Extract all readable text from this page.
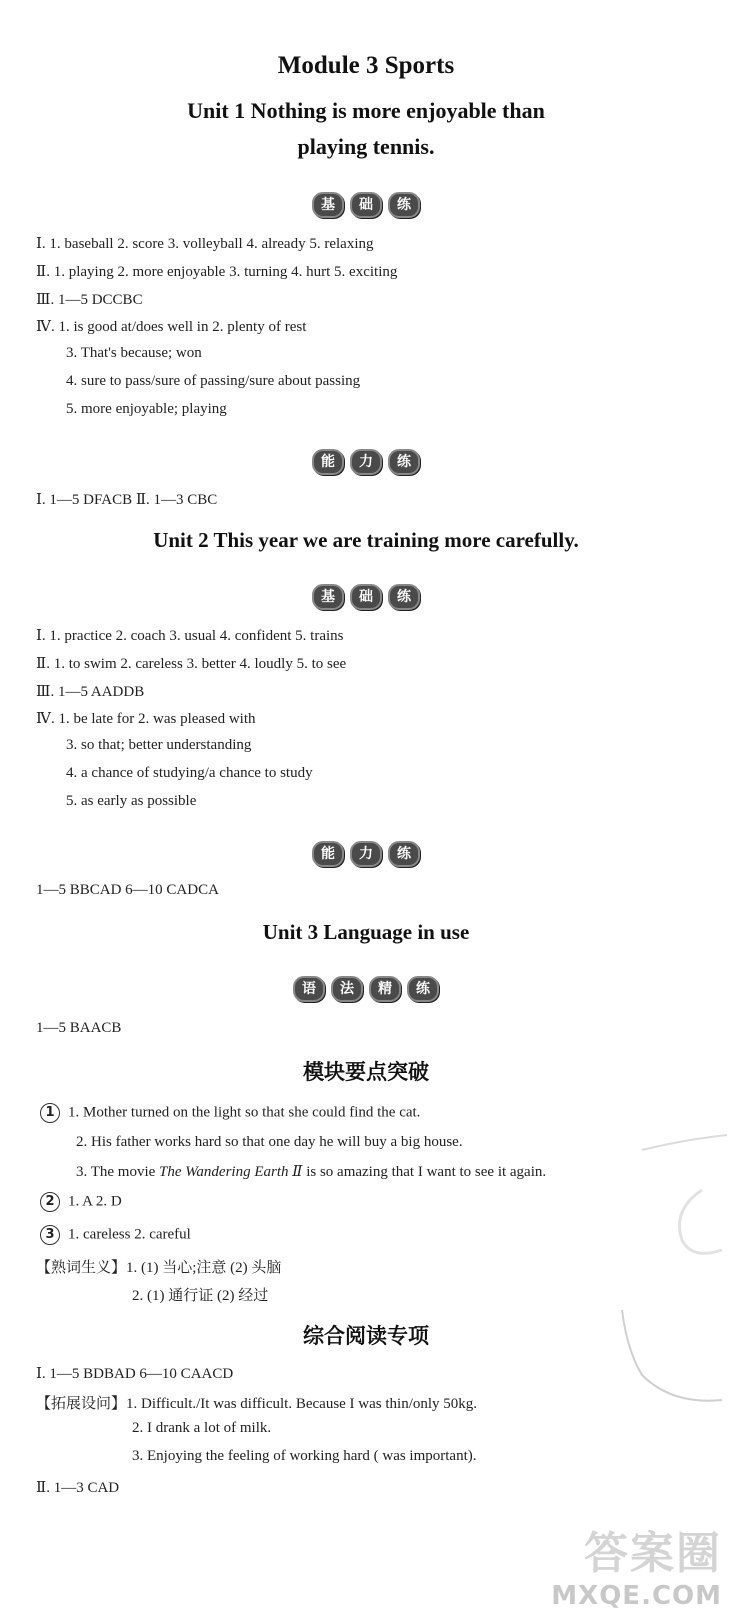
Module 3 Sports
Unit 1 Nothing is more enjoyable than
playing tennis.
基	础	练
Ⅰ. 1. baseball 2. score 3. volleyball 4. already 5. relaxing
Ⅱ. 1. playing 2. more enjoyable 3. turning 4. hurt 5. exciting
Ⅲ. 1—5 DCCBC
Ⅳ. 1. is good at/does well in 2. plenty of rest
3. That's because; won
4. sure to pass/sure of passing/sure about passing
5. more enjoyable; playing
能	力	练
Ⅰ. 1—5 DFACB Ⅱ. 1—3 CBC
Unit 2 This year we are training more carefully.
基	础	练
Ⅰ. 1. practice 2. coach 3. usual 4. confident 5. trains
Ⅱ. 1. to swim 2. careless 3. better 4. loudly 5. to see
Ⅲ. 1—5 AADDB
Ⅳ. 1. be late for 2. was pleased with
3. so that; better understanding
4. a chance of studying/a chance to study
5. as early as possible
能	力	练
1—5 BBCAD 6—10 CADCA
Unit 3 Language in use
语	法	精	练
1—5 BAACB
模块要点突破
1 1. Mother turned on the light so that she could find the cat.
2. His father works hard so that one day he will buy a big house.
3. The movie The Wandering Earth Ⅱ is so amazing that I want to see it again.
2 1. A 2. D
3 1. careless 2. careful
【熟词生义】1. (1) 当心;注意 (2) 头脑
2. (1) 通行证 (2) 经过
综合阅读专项
Ⅰ. 1—5 BDBAD 6—10 CAACD
【拓展设问】1. Difficult./It was difficult. Because I was thin/only 50kg.
2. I drank a lot of milk.
3. Enjoying the feeling of working hard ( was important).
Ⅱ. 1—3 CAD
答案圈
MXQE.COM
